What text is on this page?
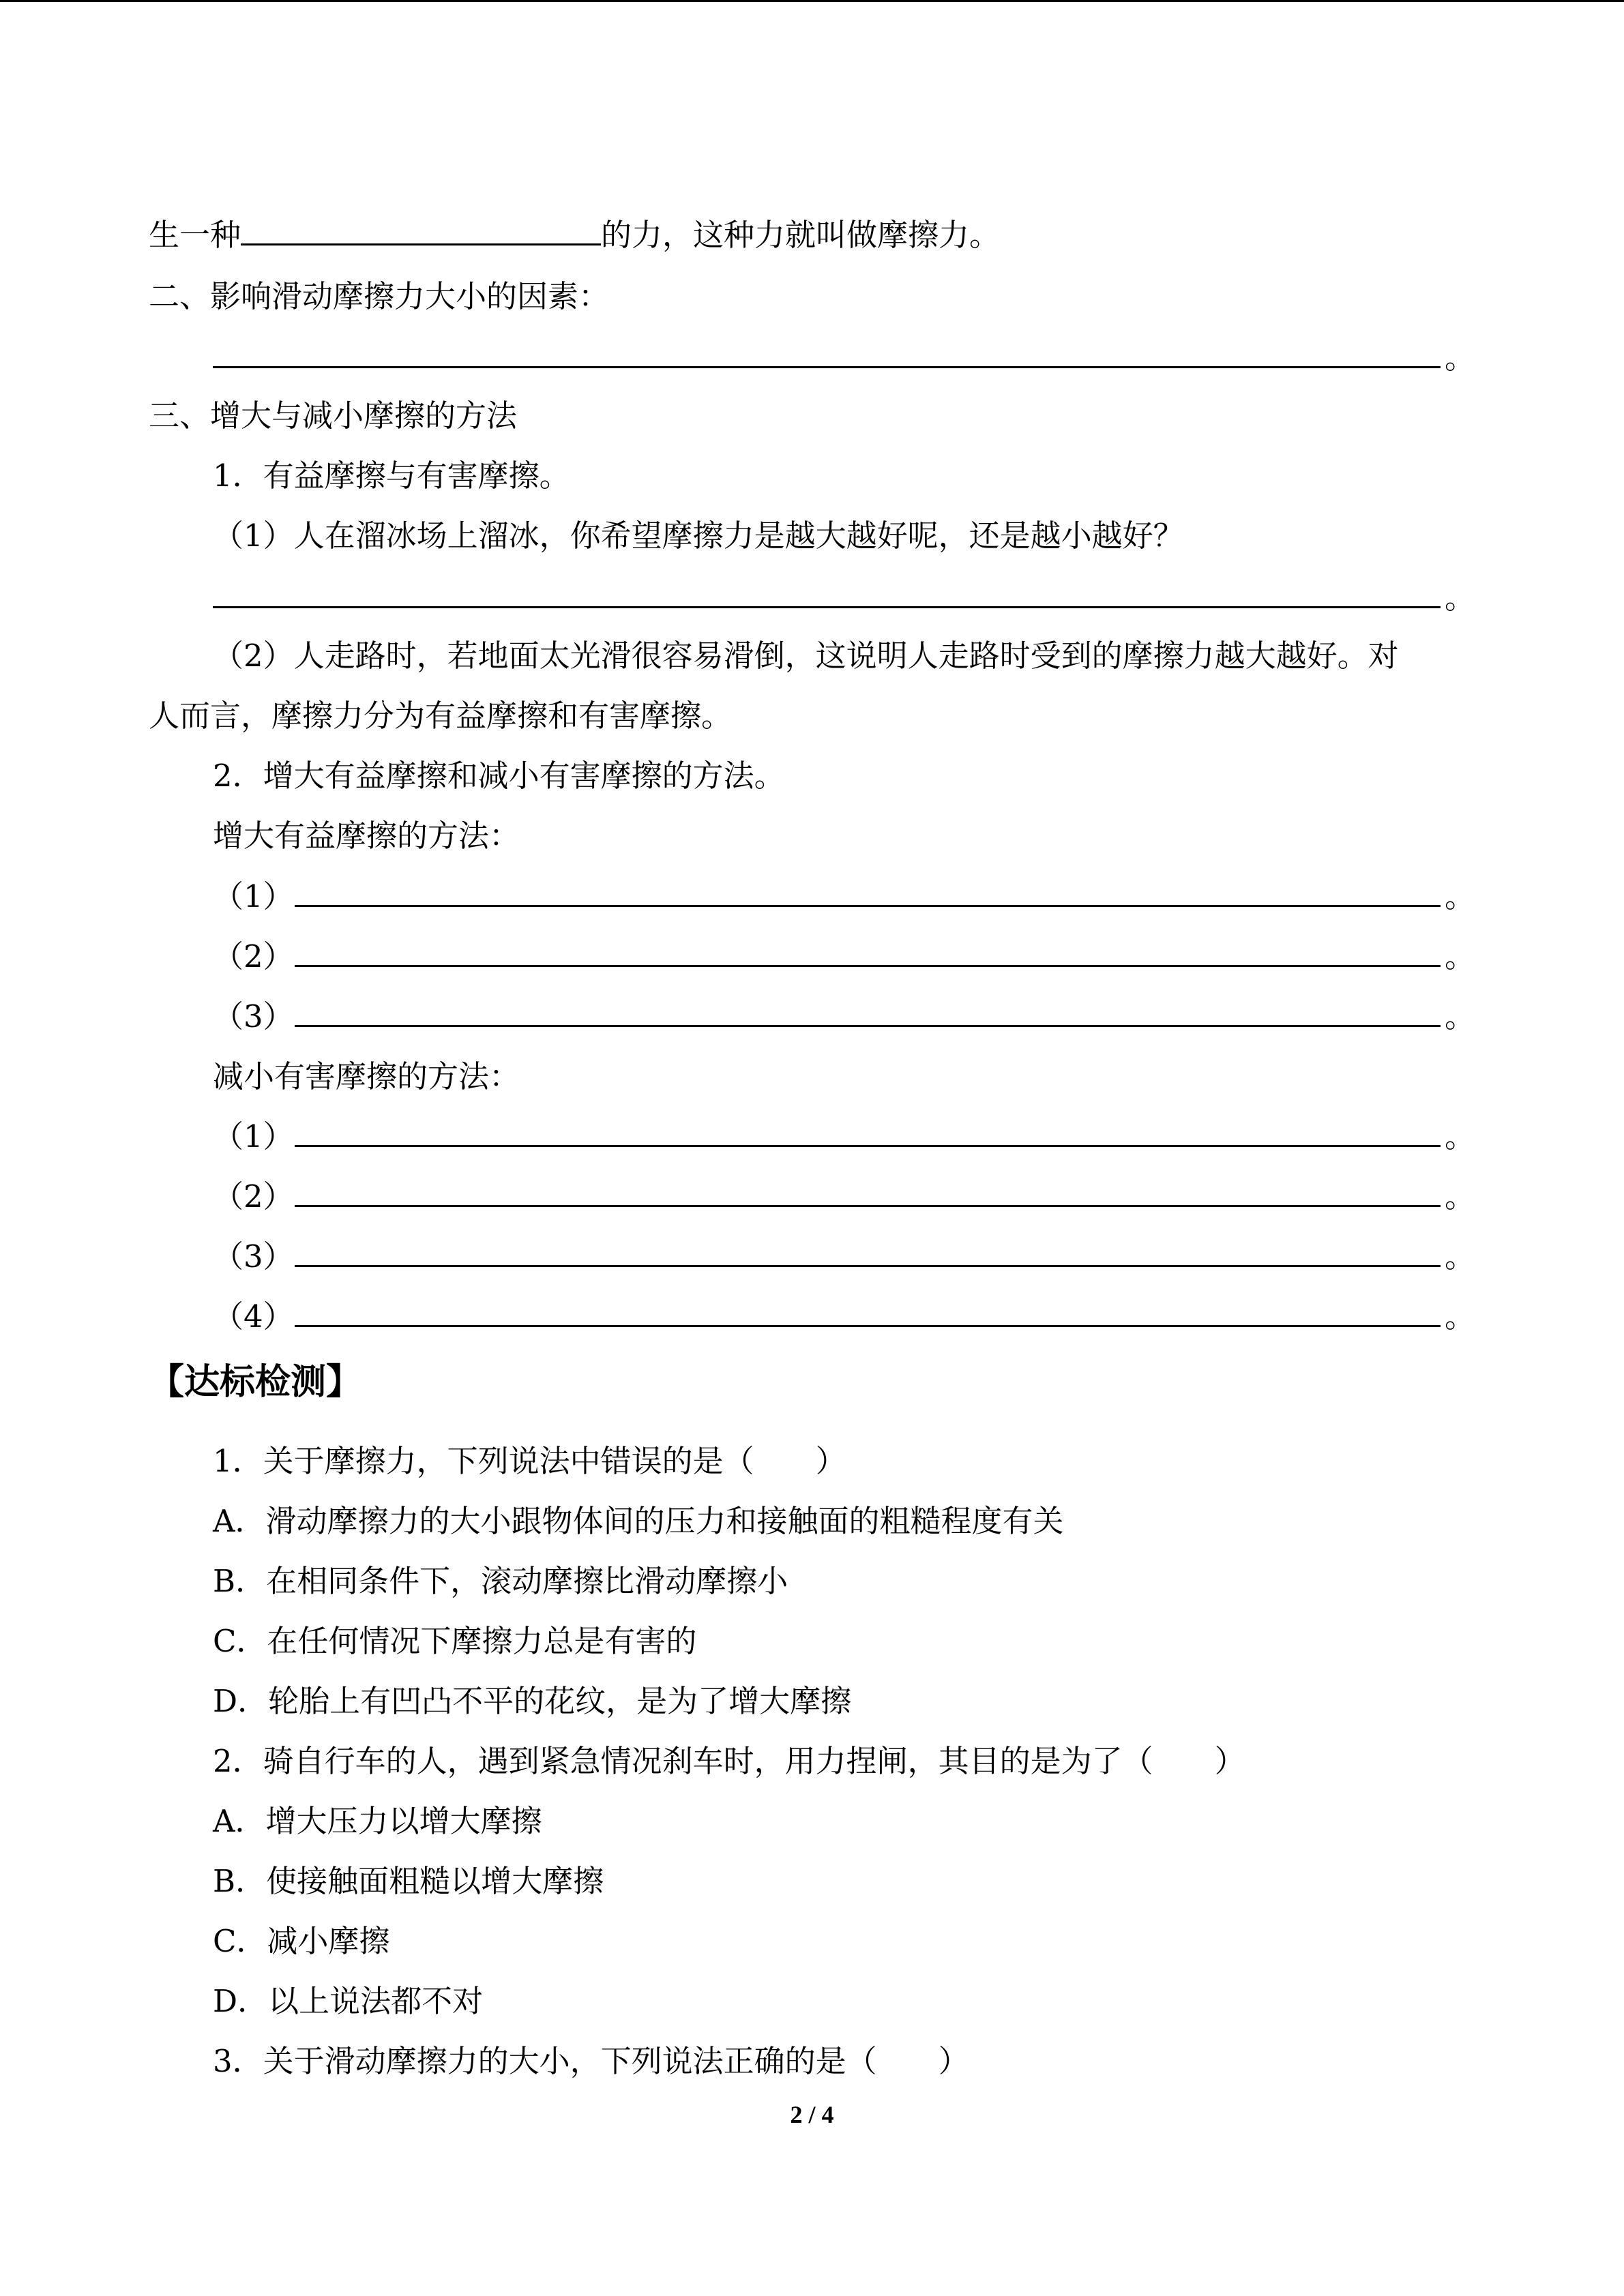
生一种	的力，这种力就叫做摩擦力。
二、影响滑动摩擦力大小的因素：
。
三、增大与减小摩擦的方法
1．有益摩擦与有害摩擦。
（1）人在溜冰场上溜冰，你希望摩擦力是越大越好呢，还是越小越好？
。
（2）人走路时，若地面太光滑很容易滑倒，这说明人走路时受到的摩擦力越大越好。对
人而言，摩擦力分为有益摩擦和有害摩擦。
2．增大有益摩擦和减小有害摩擦的方法。
增大有益摩擦的方法：
（1）	。
（2）	。
（3）	。
减小有害摩擦的方法：
（1）	。
（2）	。
（3）	。
（4）	。
【达标检测】
1．关于摩擦力，下列说法中错误的是（　　）
A．滑动摩擦力的大小跟物体间的压力和接触面的粗糙程度有关
B．在相同条件下，滚动摩擦比滑动摩擦小
C．在任何情况下摩擦力总是有害的
D．轮胎上有凹凸不平的花纹，是为了增大摩擦
2．骑自行车的人，遇到紧急情况刹车时，用力捏闸，其目的是为了（　　）
A．增大压力以增大摩擦
B．使接触面粗糙以增大摩擦
C．减小摩擦
D．以上说法都不对
3．关于滑动摩擦力的大小，下列说法正确的是（　　）
2 / 4
